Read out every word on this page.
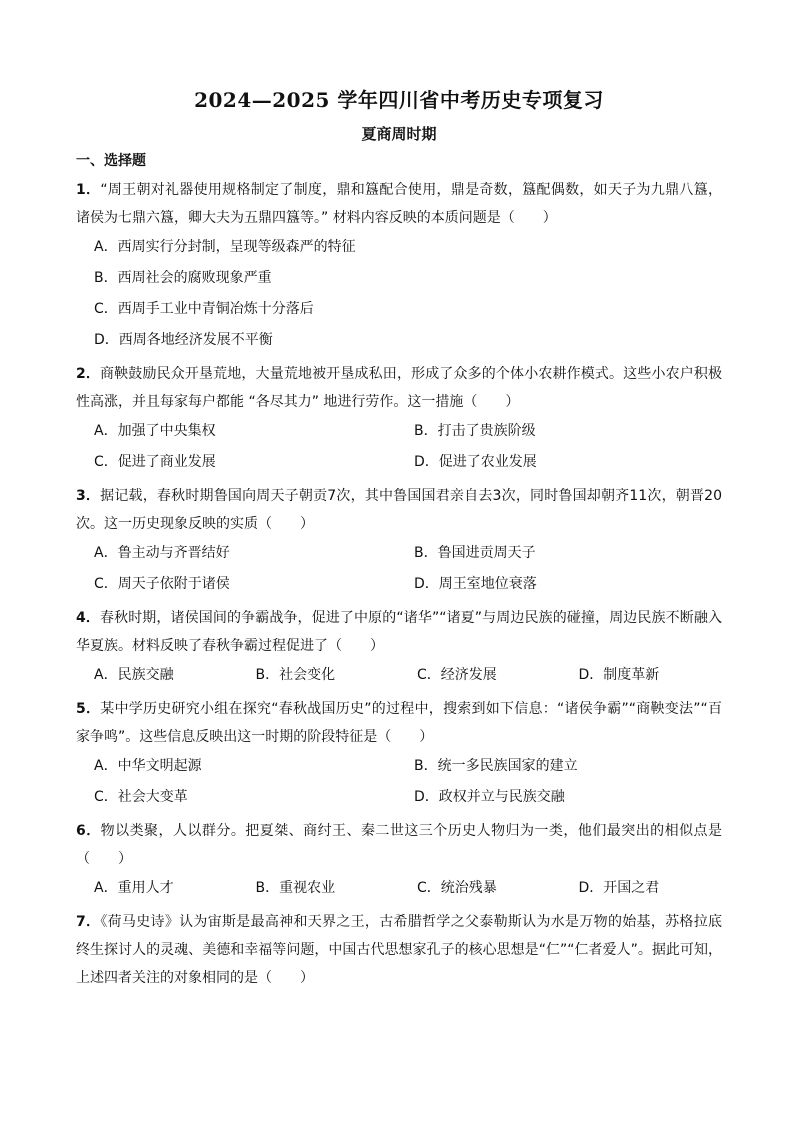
2024—2025 学年四川省中考历史专项复习
夏商周时期
一、选择题
1．“周王朝对礼器使用规格制定了制度，鼎和簋配合使用，鼎是奇数，簋配偶数，如天子为九鼎八簋，诸侯为七鼎六簋，卿大夫为五鼎四簋等。” 材料内容反映的本质问题是（　　）
A．西周实行分封制，呈现等级森严的特征
B．西周社会的腐败现象严重
C．西周手工业中青铜冶炼十分落后
D．西周各地经济发展不平衡
2．商鞅鼓励民众开垦荒地，大量荒地被开垦成私田，形成了众多的个体小农耕作模式。这些小农户积极性高涨，并且每家每户都能 “各尽其力” 地进行劳作。这一措施（　　）
A．加强了中央集权	B．打击了贵族阶级
C．促进了商业发展	D．促进了农业发展
3．据记载，春秋时期鲁国向周天子朝贡7次，其中鲁国国君亲自去3次，同时鲁国却朝齐11次，朝晋20次。这一历史现象反映的实质（　　）
A．鲁主动与齐晋结好	B．鲁国进贡周天子
C．周天子依附于诸侯	D．周王室地位衰落
4．春秋时期，诸侯国间的争霸战争，促进了中原的“诸华”“诸夏”与周边民族的碰撞，周边民族不断融入华夏族。材料反映了春秋争霸过程促进了（　　）
A．民族交融	B．社会变化	C．经济发展	D．制度革新
5．某中学历史研究小组在探究“春秋战国历史”的过程中，搜索到如下信息：“诸侯争霸”“商鞅变法”“百家争鸣”。这些信息反映出这一时期的阶段特征是（　　）
A．中华文明起源	B．统一多民族国家的建立
C．社会大变革	D．政权并立与民族交融
6．物以类聚，人以群分。把夏桀、商纣王、秦二世这三个历史人物归为一类，他们最突出的相似点是（　　）
A．重用人才	B．重视农业	C．统治残暴	D．开国之君
7．《荷马史诗》认为宙斯是最高神和天界之王，古希腊哲学之父泰勒斯认为水是万物的始基，苏格拉底终生探讨人的灵魂、美德和幸福等问题，中国古代思想家孔子的核心思想是“仁”“仁者爱人”。据此可知，上述四者关注的对象相同的是（　　）
